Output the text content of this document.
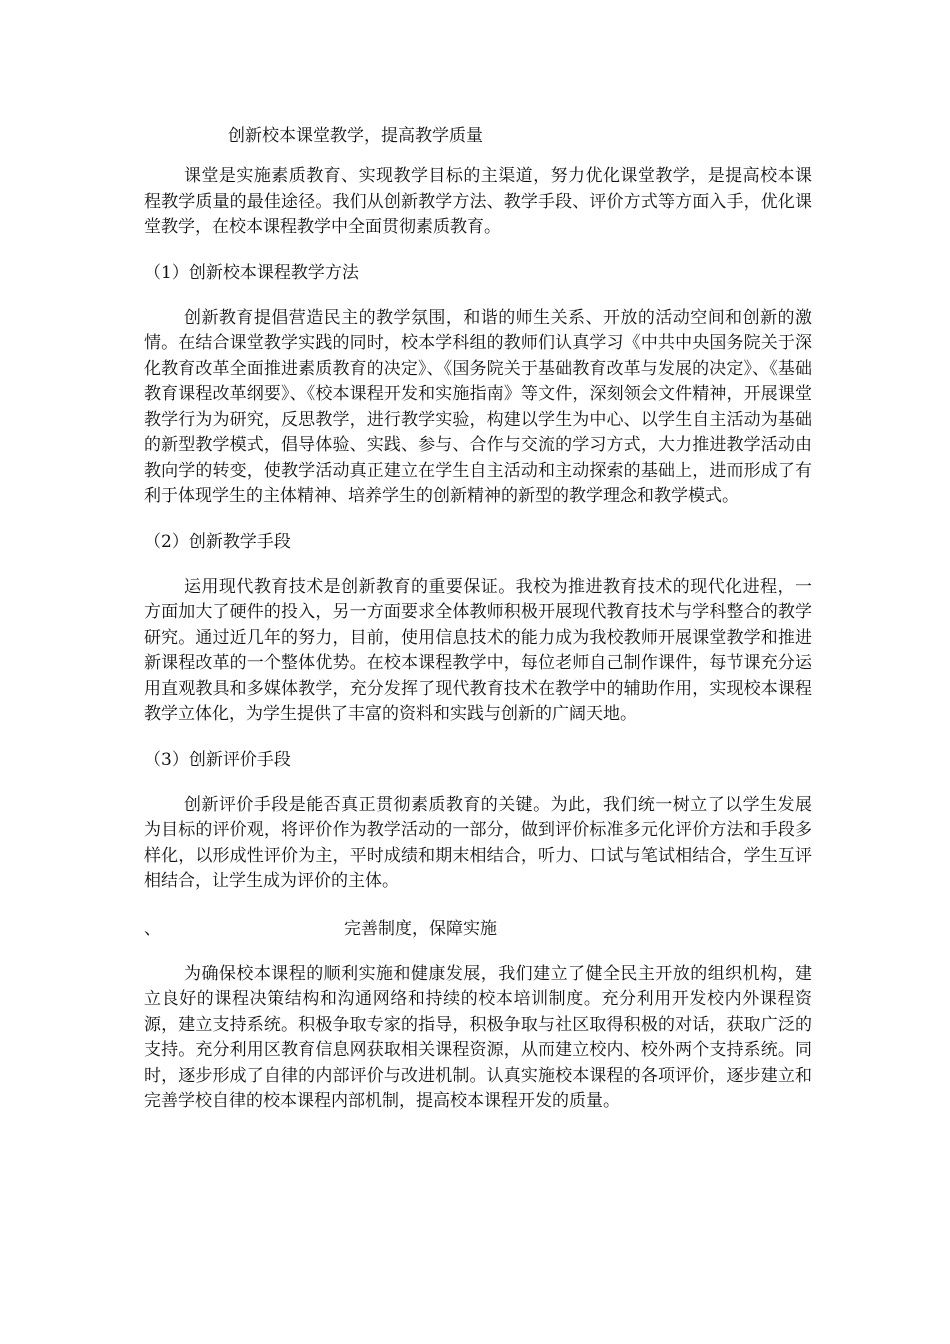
创新校本课堂教学，提高教学质量

课堂是实施素质教育、实现教学目标的主渠道，努力优化课堂教学，是提高校本课程教学质量的最佳途径。我们从创新教学方法、教学手段、评价方式等方面入手，优化课堂教学，在校本课程教学中全面贯彻素质教育。

（1）创新校本课程教学方法

创新教育提倡营造民主的教学氛围，和谐的师生关系、开放的活动空间和创新的激情。在结合课堂教学实践的同时，校本学科组的教师们认真学习《中共中央国务院关于深化教育改革全面推进素质教育的决定》、《国务院关于基础教育改革与发展的决定》、《基础教育课程改革纲要》、《校本课程开发和实施指南》等文件，深刻领会文件精神，开展课堂教学行为为研究，反思教学，进行教学实验，构建以学生为中心、以学生自主活动为基础的新型教学模式，倡导体验、实践、参与、合作与交流的学习方式，大力推进教学活动由教向学的转变，使教学活动真正建立在学生自主活动和主动探索的基础上，进而形成了有利于体现学生的主体精神、培养学生的创新精神的新型的教学理念和教学模式。

（2）创新教学手段

运用现代教育技术是创新教育的重要保证。我校为推进教育技术的现代化进程，一方面加大了硬件的投入，另一方面要求全体教师积极开展现代教育技术与学科整合的教学研究。通过近几年的努力，目前，使用信息技术的能力成为我校教师开展课堂教学和推进新课程改革的一个整体优势。在校本课程教学中，每位老师自己制作课件，每节课充分运用直观教具和多媒体教学，充分发挥了现代教育技术在教学中的辅助作用，实现校本课程教学立体化，为学生提供了丰富的资料和实践与创新的广阔天地。

（3）创新评价手段

创新评价手段是能否真正贯彻素质教育的关键。为此，我们统一树立了以学生发展为目标的评价观，将评价作为教学活动的一部分，做到评价标准多元化评价方法和手段多样化，以形成性评价为主，平时成绩和期末相结合，听力、口试与笔试相结合，学生互评相结合，让学生成为评价的主体。

、	完善制度，保障实施

为确保校本课程的顺利实施和健康发展，我们建立了健全民主开放的组织机构，建立良好的课程决策结构和沟通网络和持续的校本培训制度。充分利用开发校内外课程资源，建立支持系统。积极争取专家的指导，积极争取与社区取得积极的对话，获取广泛的支持。充分利用区教育信息网获取相关课程资源，从而建立校内、校外两个支持系统。同时，逐步形成了自律的内部评价与改进机制。认真实施校本课程的各项评价，逐步建立和完善学校自律的校本课程内部机制，提高校本课程开发的质量。
